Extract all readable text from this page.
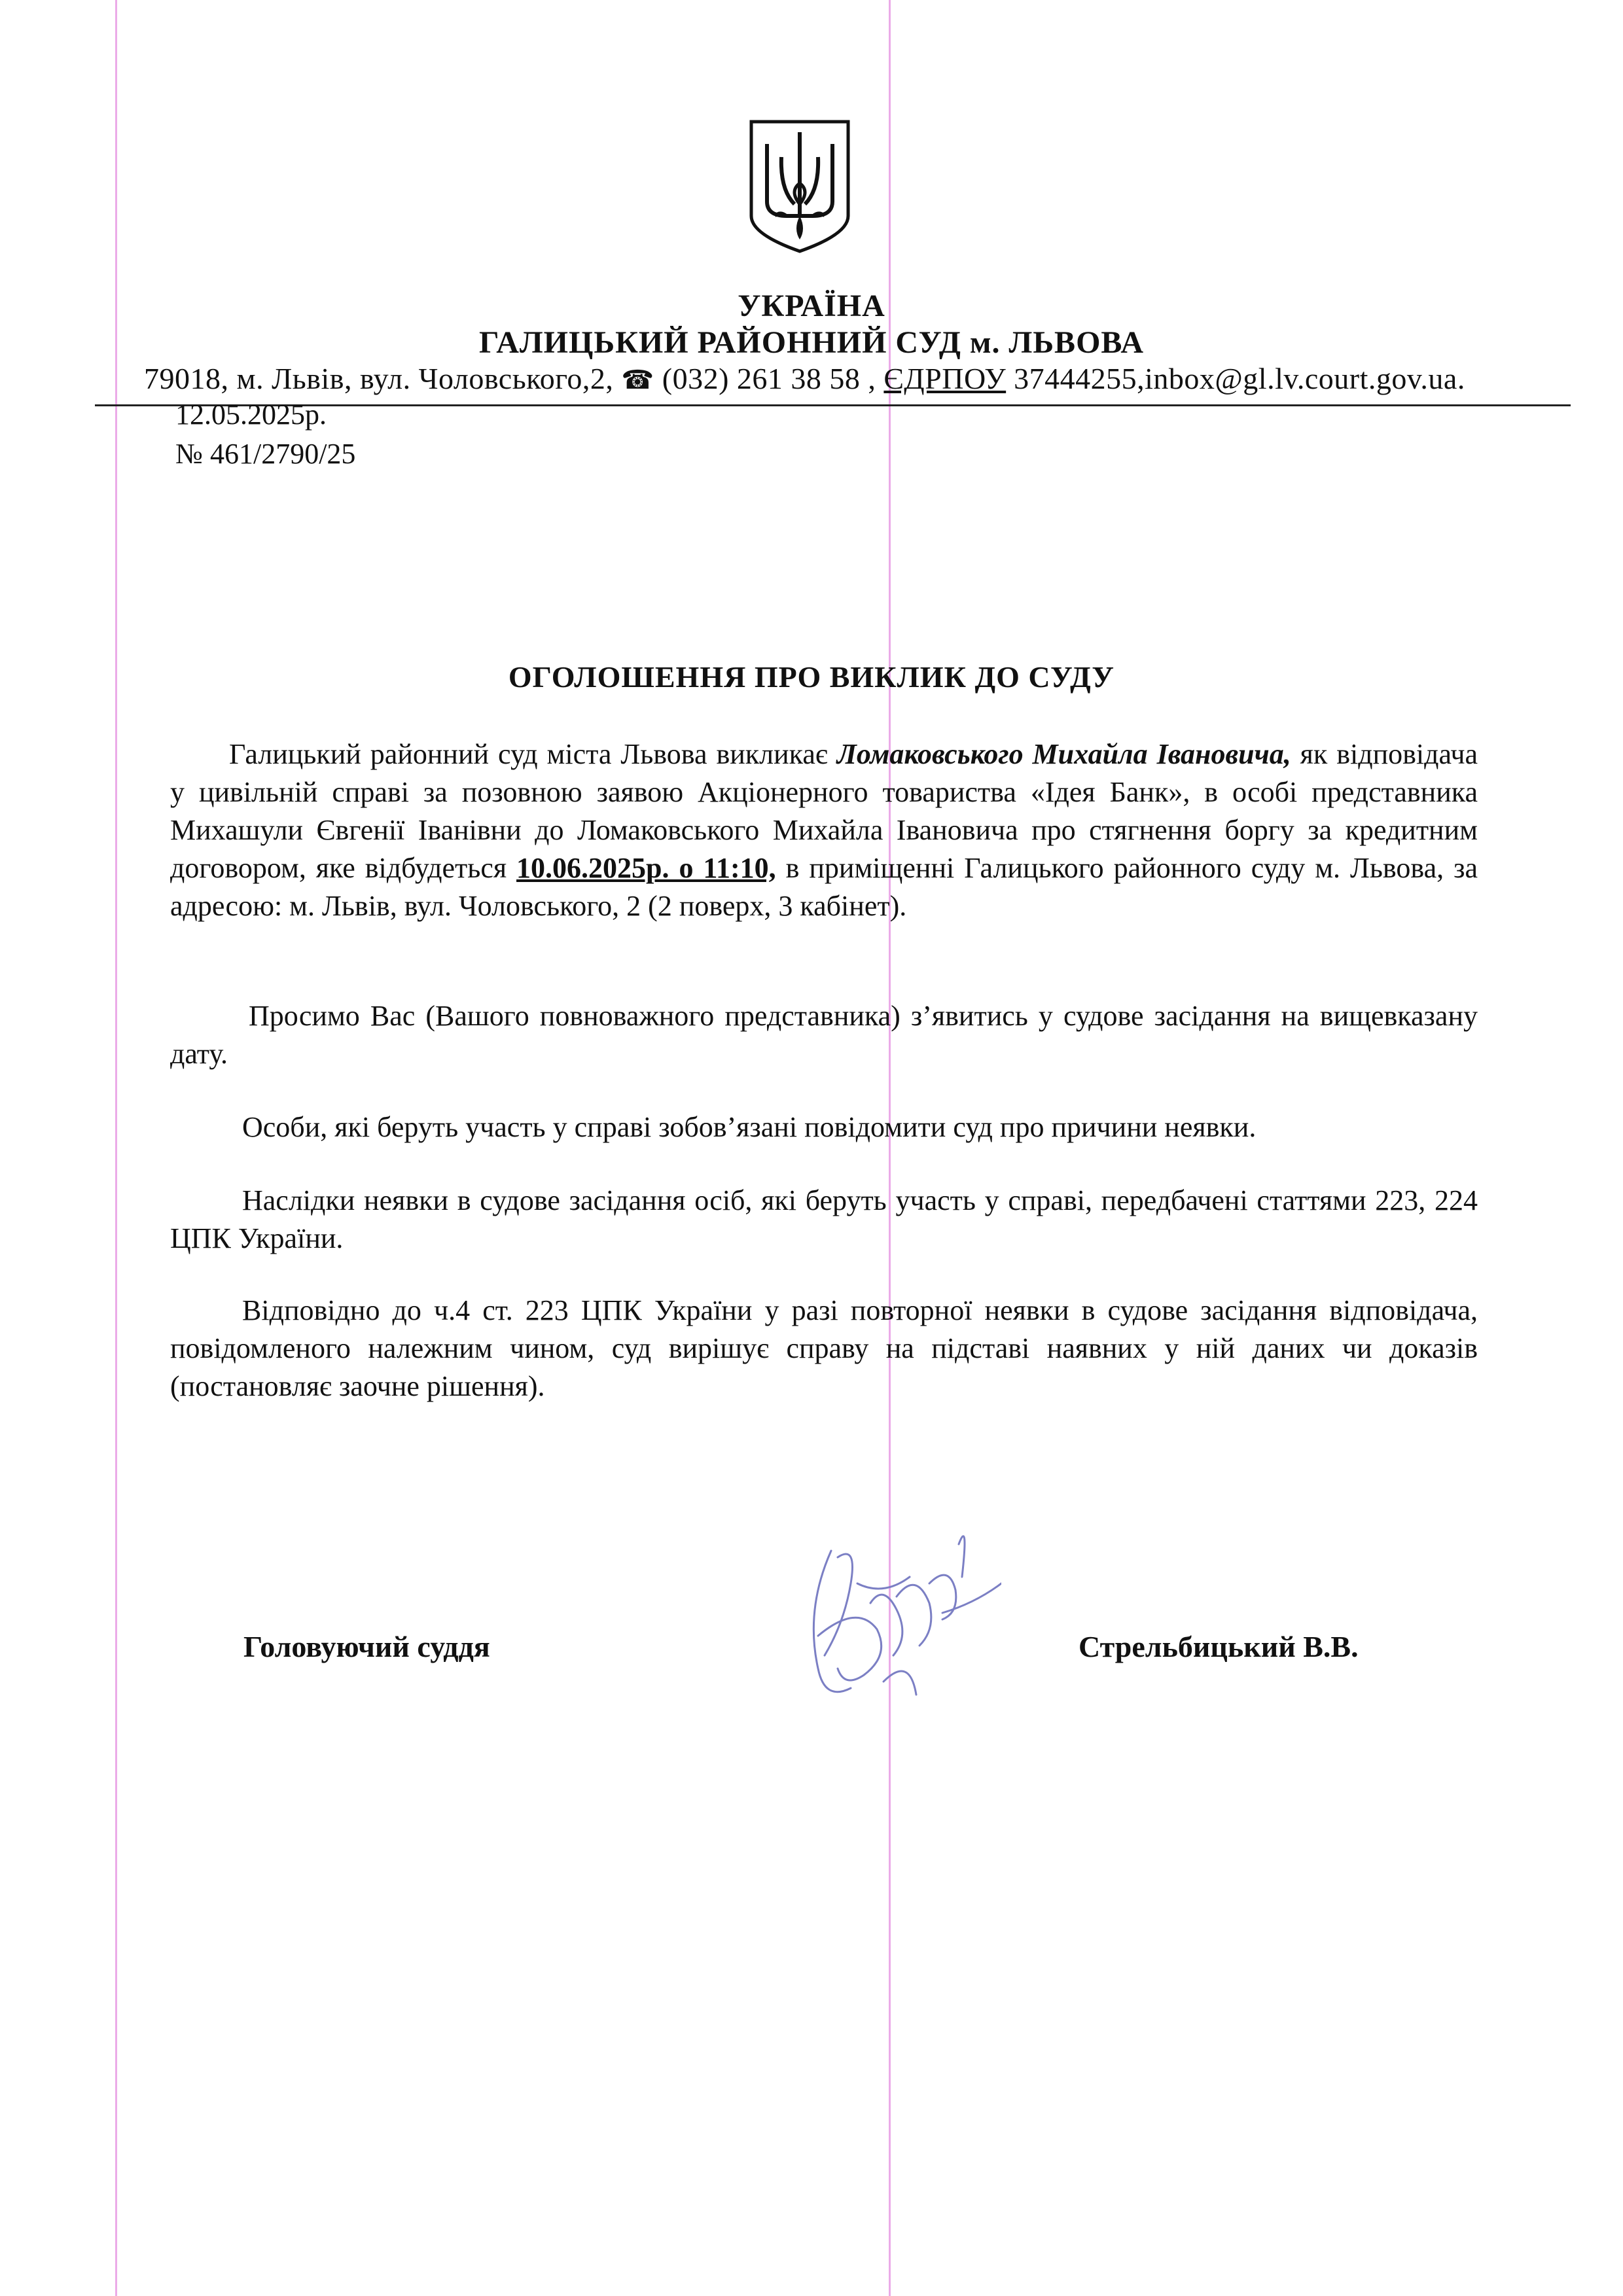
УКРАЇНА
ГАЛИЦЬКИЙ РАЙОННИЙ СУД м. ЛЬВОВА
79018, м. Львів, вул. Чоловського,2, ☎ (032) 261 38 58 , ЄДРПОУ 37444255,inbox@gl.lv.court.gov.ua.
12.05.2025р.
№ 461/2790/25
ОГОЛОШЕННЯ ПРО ВИКЛИК ДО СУДУ
Галицький районний суд міста Львова викликає Ломаковського Михайла Івановича, як відповідача у цивільній справі за позовною заявою Акціонерного товариства «Ідея Банк», в особі представника Михашули Євгенії Іванівни до Ломаковського Михайла Івановича про стягнення боргу за кредитним договором, яке відбудеться 10.06.2025р. о 11:10, в приміщенні Галицького районного суду м. Львова, за адресою: м. Львів, вул. Чоловського, 2 (2 поверх, 3 кабінет).
Просимо Вас (Вашого повноважного представника) з’явитись у судове засідання на вищевказану дату.
Особи, які беруть участь у справі зобов’язані повідомити суд про причини неявки.
Наслідки неявки в судове засідання осіб, які беруть участь у справі, передбачені статтями 223, 224 ЦПК України.
Відповідно до ч.4 ст. 223 ЦПК України у разі повторної неявки в судове засідання відповідача, повідомленого належним чином, суд вирішує справу на підставі наявних у ній даних чи доказів (постановляє заочне рішення).
Головуючий суддя	Стрельбицький В.В.
